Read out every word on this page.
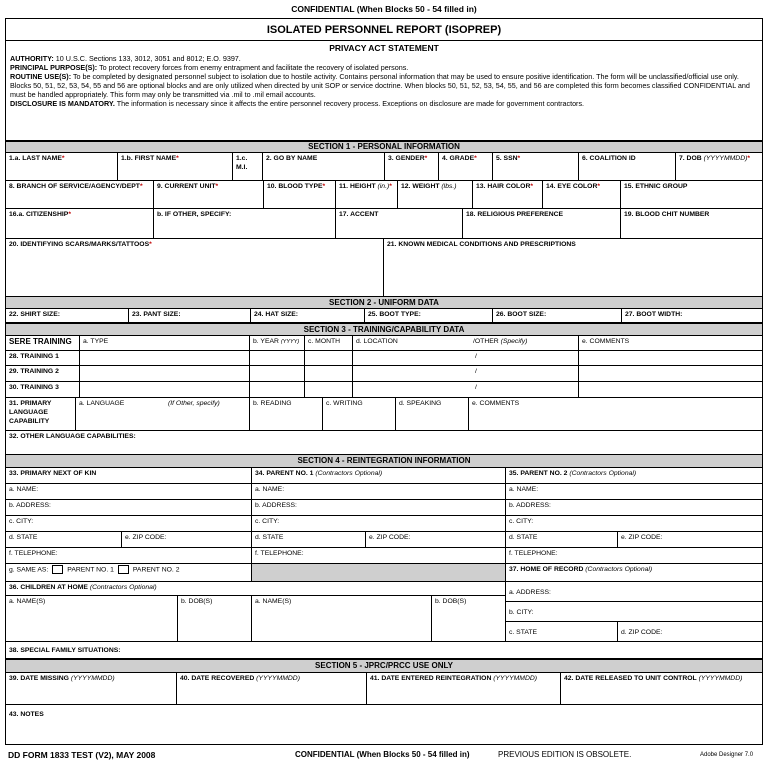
CONFIDENTIAL (When Blocks 50 - 54 filled in)
ISOLATED PERSONNEL REPORT (ISOPREP)
PRIVACY ACT STATEMENT
AUTHORITY: 10 U.S.C. Sections 133, 3012, 3051 and 8012; E.O. 9397.
PRINCIPAL PURPOSE(S): To protect recovery forces from enemy entrapment and facilitate the recovery of isolated persons.
ROUTINE USE(S): To be completed by designated personnel subject to isolation due to hostile activity. Contains personal information that may be used to ensure positive identification. The form will be unclassified/official use only. Blocks 50, 51, 52, 53, 54, 55 and 56 are optional blocks and are only utilized when directed by unit SOP or service doctrine. When blocks 50, 51, 52, 53, 54, 55, and 56 are completed this form becomes classified CONFIDENTIAL and must be handled appropriately. This form may only be transmitted via .mil to .mil email accounts.
DISCLOSURE IS MANDATORY. The information is necessary since it affects the entire personnel recovery process. Exceptions on disclosure are made for government contractors.
SECTION 1 - PERSONAL INFORMATION
1.a. LAST NAME*	1.b. FIRST NAME*	1.c. M.I.
2. GO BY NAME	3. GENDER*	4. GRADE*	5. SSN*	6. COALITION ID	7. DOB (YYYYMMDD)*
8. BRANCH OF SERVICE/AGENCY/DEPT*	9. CURRENT UNIT*	10. BLOOD TYPE*	11. HEIGHT (in.)*	12. WEIGHT (lbs.)	13. HAIR COLOR*	14. EYE COLOR*	15. ETHNIC GROUP
16.a. CITIZENSHIP*	b. IF OTHER, SPECIFY:	17. ACCENT	18. RELIGIOUS PREFERENCE	19. BLOOD CHIT NUMBER
20. IDENTIFYING SCARS/MARKS/TATTOOS*	21. KNOWN MEDICAL CONDITIONS AND PRESCRIPTIONS
SECTION 2 - UNIFORM DATA
22. SHIRT SIZE:	23. PANT SIZE:	24. HAT SIZE:	25. BOOT TYPE:	26. BOOT SIZE:	27. BOOT WIDTH:
SECTION 3 - TRAINING/CAPABILITY DATA
SERE TRAINING	a. TYPE	b. YEAR (YYYY)	c. MONTH	d. LOCATION	/OTHER (Specify)	e. COMMENTS
28. TRAINING 1	/
29. TRAINING 2	/
30. TRAINING 3	/
31. PRIMARY LANGUAGE CAPABILITY
a. LANGUAGE	(If Other, specify)	b. READING	c. WRITING	d. SPEAKING	e. COMMENTS
32. OTHER LANGUAGE CAPABILITIES:
SECTION 4 - REINTEGRATION INFORMATION
33. PRIMARY NEXT OF KIN	34. PARENT NO. 1 (Contractors Optional)	35. PARENT NO. 2 (Contractors Optional)
a. NAME:	a. NAME:	a. NAME:
b. ADDRESS:	b. ADDRESS:	b. ADDRESS:
c. CITY:	c. CITY:	c. CITY:
d. STATE	e. ZIP CODE:	d. STATE	e. ZIP CODE:	d. STATE	e. ZIP CODE:
f. TELEPHONE:	f. TELEPHONE:	f. TELEPHONE:
g. SAME AS:	PARENT NO. 1	PARENT NO. 2	37. HOME OF RECORD (Contractors Optional)
36. CHILDREN AT HOME (Contractors Optional)
a. ADDRESS:
a. NAME(S)	b. DOB(S)	a. NAME(S)	b. DOB(S)
b. CITY:
c. STATE	d. ZIP CODE:
38. SPECIAL FAMILY SITUATIONS:
SECTION 5 - JPRC/PRCC USE ONLY
39. DATE MISSING (YYYYMMDD)	40. DATE RECOVERED (YYYYMMDD)	41. DATE ENTERED REINTEGRATION (YYYYMMDD)	42. DATE RELEASED TO UNIT CONTROL (YYYYMMDD)
43. NOTES
DD FORM 1833 TEST (V2), MAY 2008	CONFIDENTIAL (When Blocks 50 - 54 filled in)	PREVIOUS EDITION IS OBSOLETE.	Adobe Designer 7.0
